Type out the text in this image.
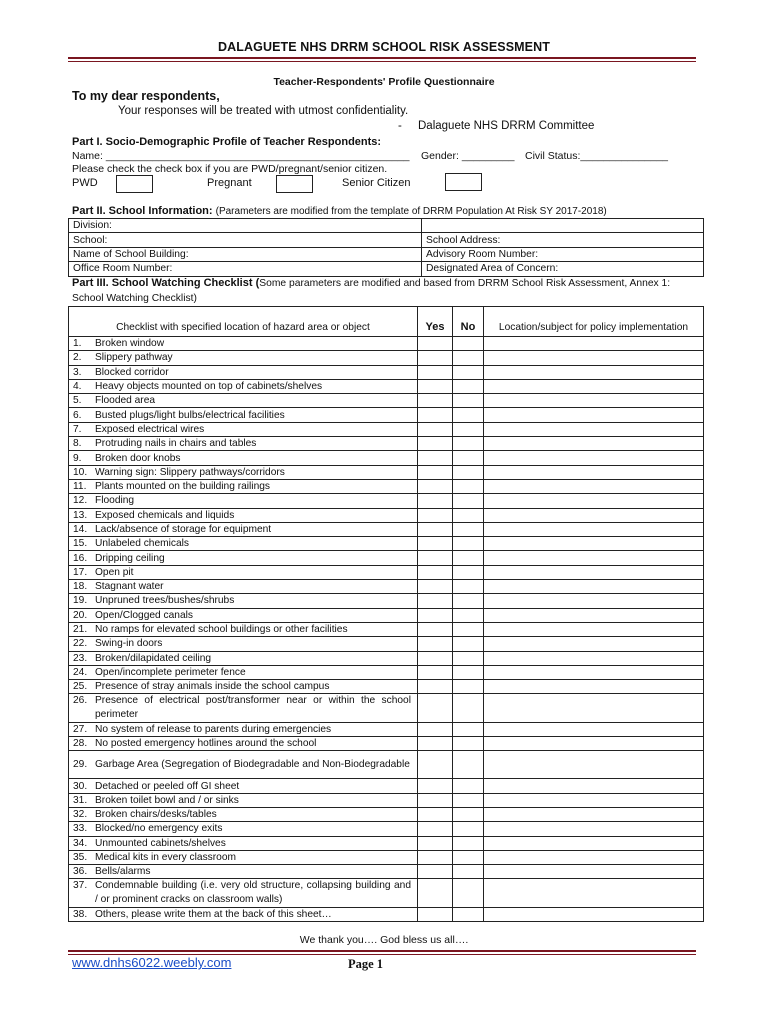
DALAGUETE NHS DRRM SCHOOL RISK ASSESSMENT
Teacher-Respondents' Profile Questionnaire
To my dear respondents,
Your responses will be treated with utmost confidentiality.
- Dalaguete NHS DRRM Committee
Part I. Socio-Demographic Profile of Teacher Respondents:
Name: ____________________________________________________ Gender: _________ Civil Status:_______________
Please check the check box if you are PWD/pregnant/senior citizen.
PWD	Pregnant	Senior Citizen
Part II. School Information: (Parameters are modified from the template of DRRM Population At Risk SY 2017-2018)
Division:	
School:	School Address:
Name of School Building:	Advisory Room Number:
Office Room Number:	Designated Area of Concern:
Part III. School Watching Checklist (Some parameters are modified and based from DRRM School Risk Assessment, Annex 1: School Watching Checklist)
Checklist with specified location of hazard area or object	Yes	No	Location/subject for policy implementation

1. Broken window			

2. Slippery pathway			

3. Blocked corridor			

4. Heavy objects mounted on top of cabinets/shelves			

5. Flooded area			

6. Busted plugs/light bulbs/electrical facilities			

7. Exposed electrical wires			

8. Protruding nails in chairs and tables			

9. Broken door knobs			

10. Warning sign: Slippery pathways/corridors			

11. Plants mounted on the building railings			

12. Flooding			

13. Exposed chemicals and liquids			

14. Lack/absence of storage for equipment			

15. Unlabeled chemicals			

16. Dripping ceiling			

17. Open pit			

18. Stagnant water			

19. Unpruned trees/bushes/shrubs			

20. Open/Clogged canals			

21. No ramps for elevated school buildings or other facilities			

22. Swing-in doors			

23. Broken/dilapidated ceiling			

24. Open/incomplete perimeter fence			

25. Presence of stray animals inside the school campus			

26. Presence of electrical post/transformer near or within the school perimeter			

27. No system of release to parents during emergencies			

28. No posted emergency hotlines around the school			

29. Garbage Area (Segregation of Biodegradable and Non-Biodegradable			

30. Detached or peeled off GI sheet			

31. Broken toilet bowl and / or sinks			

32. Broken chairs/desks/tables			

33. Blocked/no emergency exits			

34. Unmounted cabinets/shelves			

35. Medical kits in every classroom			

36. Bells/alarms			

37. Condemnable building (i.e. very old structure, collapsing building and / or prominent cracks on classroom walls)			

38. Others, please write them at the back of this sheet…			

We thank you…. God bless us all….
www.dnhs6022.weebly.com	Page 1
